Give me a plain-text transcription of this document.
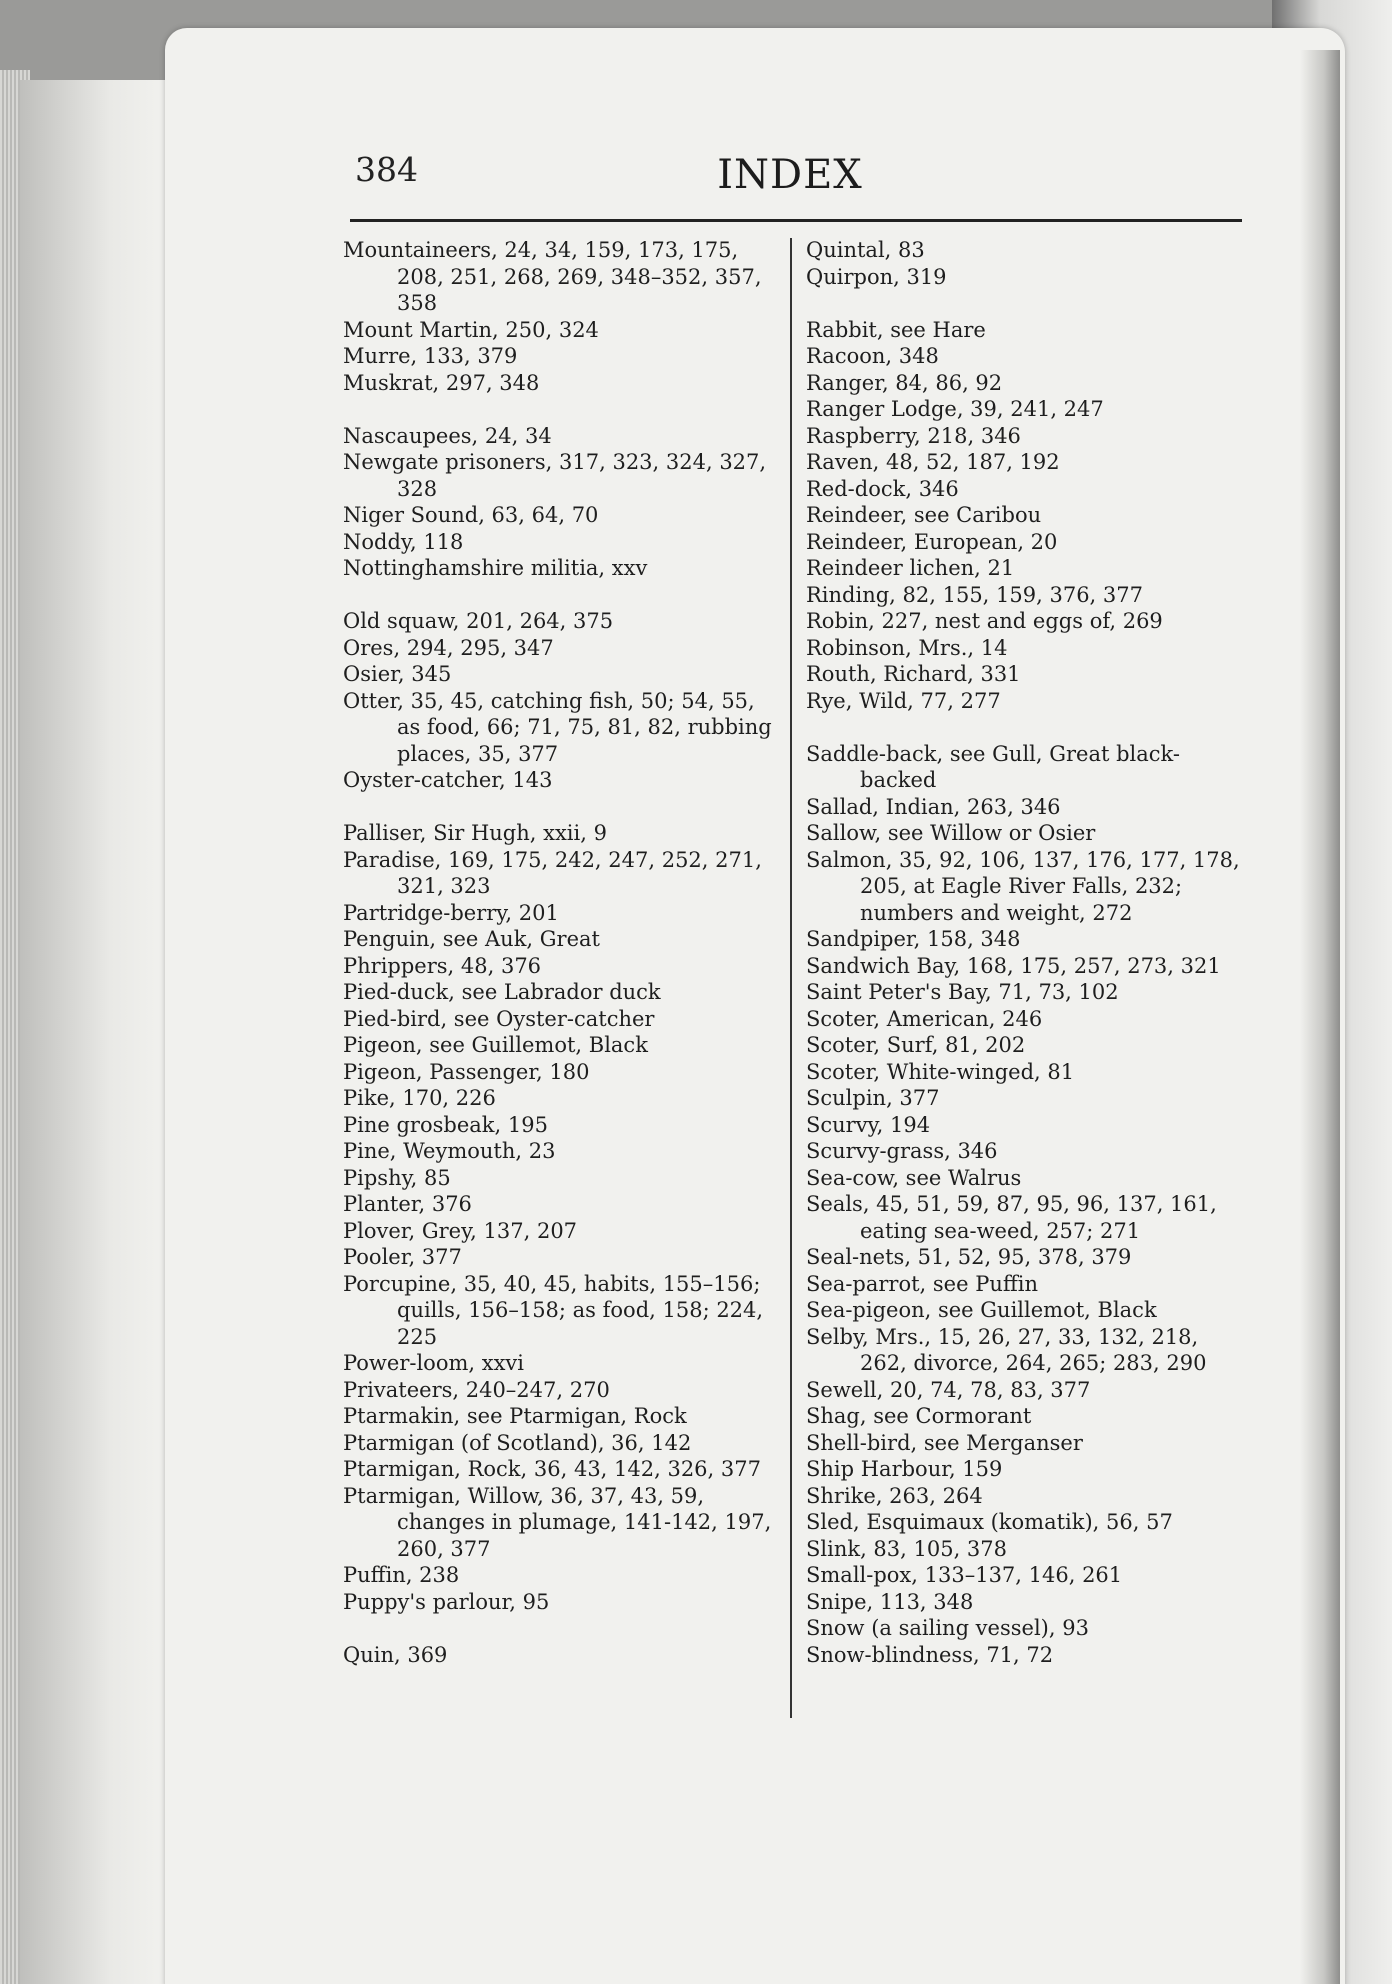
384	INDEX
Mountaineers, 24, 34, 159, 173, 175, 208, 251, 268, 269, 348–352, 357, 358
Mount Martin, 250, 324
Murre, 133, 379
Muskrat, 297, 348
Nascaupees, 24, 34
Newgate prisoners, 317, 323, 324, 327, 328
Niger Sound, 63, 64, 70
Noddy, 118
Nottinghamshire militia, xxv
Old squaw, 201, 264, 375
Ores, 294, 295, 347
Osier, 345
Otter, 35, 45, catching fish, 50; 54, 55, as food, 66; 71, 75, 81, 82, rubbing places, 35, 377
Oyster-catcher, 143
Palliser, Sir Hugh, xxii, 9
Paradise, 169, 175, 242, 247, 252, 271, 321, 323
Partridge-berry, 201
Penguin, see Auk, Great
Phrippers, 48, 376
Pied-duck, see Labrador duck
Pied-bird, see Oyster-catcher
Pigeon, see Guillemot, Black
Pigeon, Passenger, 180
Pike, 170, 226
Pine grosbeak, 195
Pine, Weymouth, 23
Pipshy, 85
Planter, 376
Plover, Grey, 137, 207
Pooler, 377
Porcupine, 35, 40, 45, habits, 155–156; quills, 156–158; as food, 158; 224, 225
Power-loom, xxvi
Privateers, 240–247, 270
Ptarmakin, see Ptarmigan, Rock
Ptarmigan (of Scotland), 36, 142
Ptarmigan, Rock, 36, 43, 142, 326, 377
Ptarmigan, Willow, 36, 37, 43, 59, changes in plumage, 141-142, 197, 260, 377
Puffin, 238
Puppy's parlour, 95
Quin, 369
Quintal, 83
Quirpon, 319
Rabbit, see Hare
Racoon, 348
Ranger, 84, 86, 92
Ranger Lodge, 39, 241, 247
Raspberry, 218, 346
Raven, 48, 52, 187, 192
Red-dock, 346
Reindeer, see Caribou
Reindeer, European, 20
Reindeer lichen, 21
Rinding, 82, 155, 159, 376, 377
Robin, 227, nest and eggs of, 269
Robinson, Mrs., 14
Routh, Richard, 331
Rye, Wild, 77, 277
Saddle-back, see Gull, Great black-backed
Sallad, Indian, 263, 346
Sallow, see Willow or Osier
Salmon, 35, 92, 106, 137, 176, 177, 178, 205, at Eagle River Falls, 232; numbers and weight, 272
Sandpiper, 158, 348
Sandwich Bay, 168, 175, 257, 273, 321
Saint Peter's Bay, 71, 73, 102
Scoter, American, 246
Scoter, Surf, 81, 202
Scoter, White-winged, 81
Sculpin, 377
Scurvy, 194
Scurvy-grass, 346
Sea-cow, see Walrus
Seals, 45, 51, 59, 87, 95, 96, 137, 161, eating sea-weed, 257; 271
Seal-nets, 51, 52, 95, 378, 379
Sea-parrot, see Puffin
Sea-pigeon, see Guillemot, Black
Selby, Mrs., 15, 26, 27, 33, 132, 218, 262, divorce, 264, 265; 283, 290
Sewell, 20, 74, 78, 83, 377
Shag, see Cormorant
Shell-bird, see Merganser
Ship Harbour, 159
Shrike, 263, 264
Sled, Esquimaux (komatik), 56, 57
Slink, 83, 105, 378
Small-pox, 133–137, 146, 261
Snipe, 113, 348
Snow (a sailing vessel), 93
Snow-blindness, 71, 72
